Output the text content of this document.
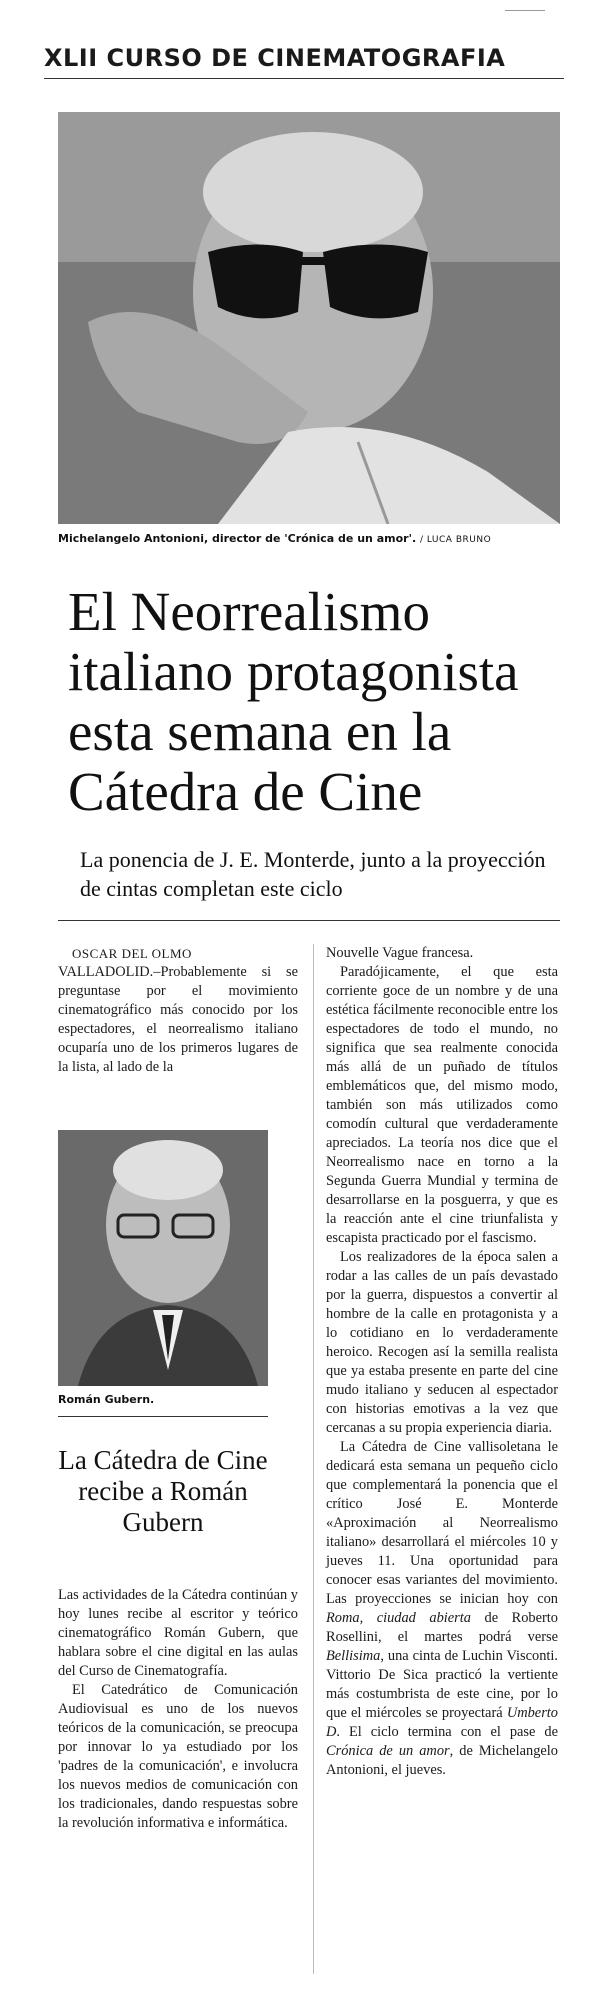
XLII CURSO DE CINEMATOGRAFIA
Michelangelo Antonioni, director de 'Crónica de un amor'. / LUCA BRUNO
El Neorrealismo italiano protagonista esta semana en la Cátedra de Cine
La ponencia de J. E. Monterde, junto a la proyección de cintas completan este ciclo

OSCAR DEL OLMO

VALLADOLID.–Probablemente si se preguntase por el movimiento cinematográfico más conocido por los espectadores, el neorrealismo italiano ocuparía uno de los primeros lugares de la lista, al lado de la

Román Gubern.
La Cátedra de Cine recibe a Román Gubern

Las actividades de la Cátedra continúan y hoy lunes recibe al escritor y teórico cinematográfico Román Gubern, que hablara sobre el cine digital en las aulas del Curso de Cinematografía.

El Catedrático de Comunicación Audiovisual es uno de los nuevos teóricos de la comunicación, se preocupa por innovar lo ya estudiado por los 'padres de la comunicación', e involucra los nuevos medios de comunicación con los tradicionales, dando respuestas sobre la revolución informativa e informática.

Nouvelle Vague francesa.

Paradójicamente, el que esta corriente goce de un nombre y de una estética fácilmente reconocible entre los espectadores de todo el mundo, no significa que sea realmente conocida más allá de un puñado de títulos emblemáticos que, del mismo modo, también son más utilizados como comodín cultural que verdaderamente apreciados. La teoría nos dice que el Neorrealismo nace en torno a la Segunda Guerra Mundial y termina de desarrollarse en la posguerra, y que es la reacción ante el cine triunfalista y escapista practicado por el fascismo.

Los realizadores de la época salen a rodar a las calles de un país devastado por la guerra, dispuestos a convertir al hombre de la calle en protagonista y a lo cotidiano en lo verdaderamente heroico. Recogen así la semilla realista que ya estaba presente en parte del cine mudo italiano y seducen al espectador con historias emotivas a la vez que cercanas a su propia experiencia diaria.

La Cátedra de Cine vallisoletana le dedicará esta semana un pequeño ciclo que complementará la ponencia que el crítico José E. Monterde «Aproximación al Neorrealismo italiano» desarrollará el miércoles 10 y jueves 11. Una oportunidad para conocer esas variantes del movimiento. Las proyecciones se inician hoy con Roma, ciudad abierta de Roberto Rosellini, el martes podrá verse Bellisima, una cinta de Luchin Visconti. Vittorio De Sica practicó la vertiente más costumbrista de este cine, por lo que el miércoles se proyectará Umberto D. El ciclo termina con el pase de Crónica de un amor, de Michelangelo Antonioni, el jueves.
